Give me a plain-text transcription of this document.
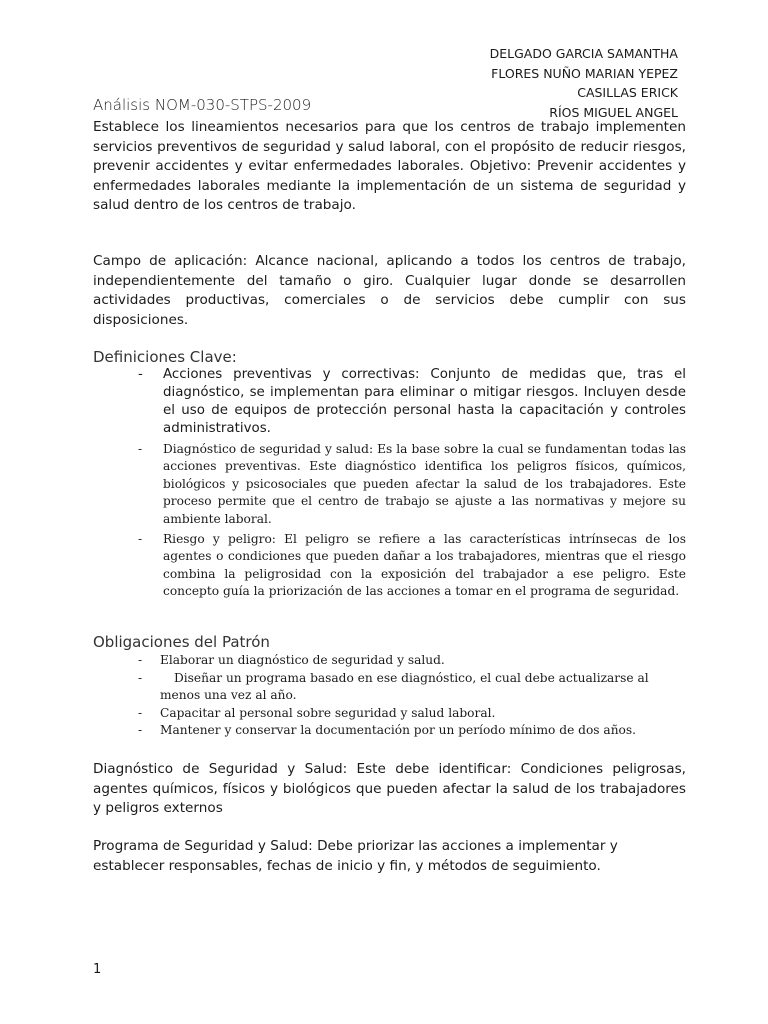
DELGADO GARCIA SAMANTHA
FLORES NUÑO MARIAN YEPEZ
CASILLAS ERICK
RÍOS MIGUEL ANGEL
Análisis NOM-030-STPS-2009
Establece los lineamientos necesarios para que los centros de trabajo implementen servicios preventivos de seguridad y salud laboral, con el propósito de reducir riesgos, prevenir accidentes y evitar enfermedades laborales. Objetivo: Prevenir accidentes y enfermedades laborales mediante la implementación de un sistema de seguridad y salud dentro de los centros de trabajo.
Campo de aplicación: Alcance nacional, aplicando a todos los centros de trabajo, independientemente del tamaño o giro. Cualquier lugar donde se desarrollen actividades productivas, comerciales o de servicios debe cumplir con sus disposiciones.
Definiciones Clave:
- Acciones preventivas y correctivas: Conjunto de medidas que, tras el diagnóstico, se implementan para eliminar o mitigar riesgos. Incluyen desde el uso de equipos de protección personal hasta la capacitación y controles administrativos.
- Diagnóstico de seguridad y salud: Es la base sobre la cual se fundamentan todas las acciones preventivas. Este diagnóstico identifica los peligros físicos, químicos, biológicos y psicosociales que pueden afectar la salud de los trabajadores. Este proceso permite que el centro de trabajo se ajuste a las normativas y mejore su ambiente laboral.
- Riesgo y peligro: El peligro se refiere a las características intrínsecas de los agentes o condiciones que pueden dañar a los trabajadores, mientras que el riesgo combina la peligrosidad con la exposición del trabajador a ese peligro. Este concepto guía la priorización de las acciones a tomar en el programa de seguridad.
Obligaciones del Patrón
- Elaborar un diagnóstico de seguridad y salud.
-	Diseñar un programa basado en ese diagnóstico, el cual debe actualizarse al menos una vez al año.
- Capacitar al personal sobre seguridad y salud laboral.
- Mantener y conservar la documentación por un período mínimo de dos años.
Diagnóstico de Seguridad y Salud: Este debe identificar: Condiciones peligrosas, agentes químicos, físicos y biológicos que pueden afectar la salud de los trabajadores y peligros externos
Programa de Seguridad y Salud: Debe priorizar las acciones a implementar y establecer responsables, fechas de inicio y fin, y métodos de seguimiento.
1
